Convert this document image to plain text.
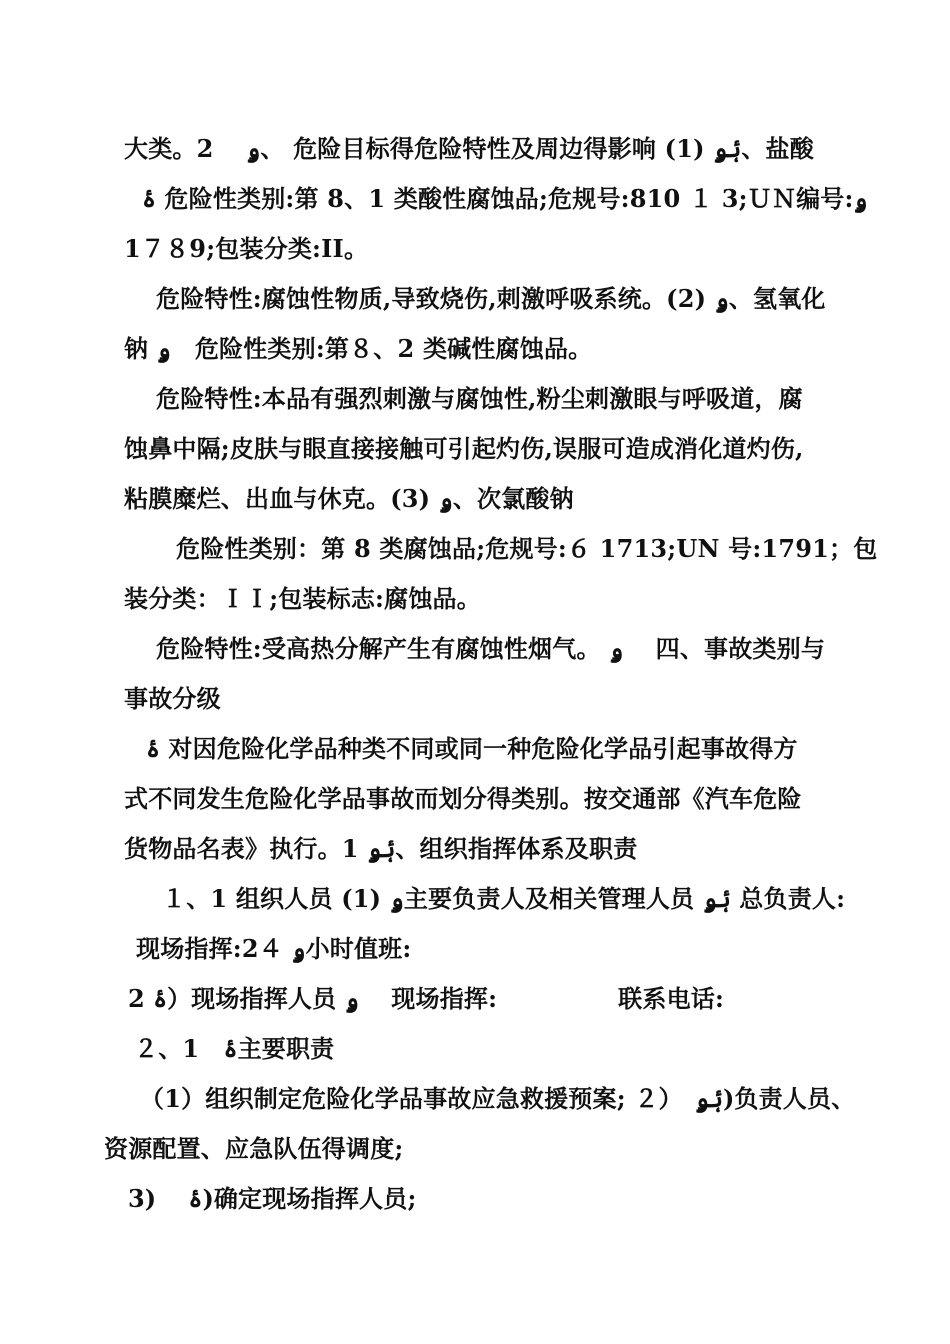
大类。2　 ۅ、 危险目标得危险特性及周边得影响 (1) ۂۅ、盐酸
ۂ 危险性类别:第 8、1 类酸性腐蚀品;危规号:810 １ 3;ＵＮ编号:ۅ
1７８9;包装分类:II。
危险特性:腐蚀性物质,导致烧伤,刺激呼吸系统。(2) ۅ、氢氧化
钠 ۅ　危险性类别:第８、2 类碱性腐蚀品。
危险特性:本品有强烈刺激与腐蚀性,粉尘刺激眼与呼吸道，腐
蚀鼻中隔;皮肤与眼直接接触可引起灼伤,误服可造成消化道灼伤,
粘膜糜烂、出血与休克。(3) ۅ、次氯酸钠
危险性类别：第 8 类腐蚀品;危规号:６ 1713;UN 号:1791；包
装分类：ＩＩ;包装标志:腐蚀品。
危险特性:受高热分解产生有腐蚀性烟气。 ۅ　 四、事故类别与
事故分级
ۂ 对因危险化学品种类不同或同一种危险化学品引起事故得方
式不同发生危险化学品事故而划分得类别。按交通部《汽车危险
货物品名表》执行。1 ۂۅ、组织指挥体系及职责
１、1 组织人员 (1) ۅ主要负责人及相关管理人员 ۂۅ 总负责人:
现场指挥:2４ ۅ小时值班:
2 ۂ）现场指挥人员 ۅ　 现场指挥:　　　　　联系电话:
２、1　ۂ主要职责
（1）组织制定危险化学品事故应急救援预案; ２）　ۂۅ)负责人员、
资源配置、应急队伍得调度;
3)　 ۂ)确定现场指挥人员;
